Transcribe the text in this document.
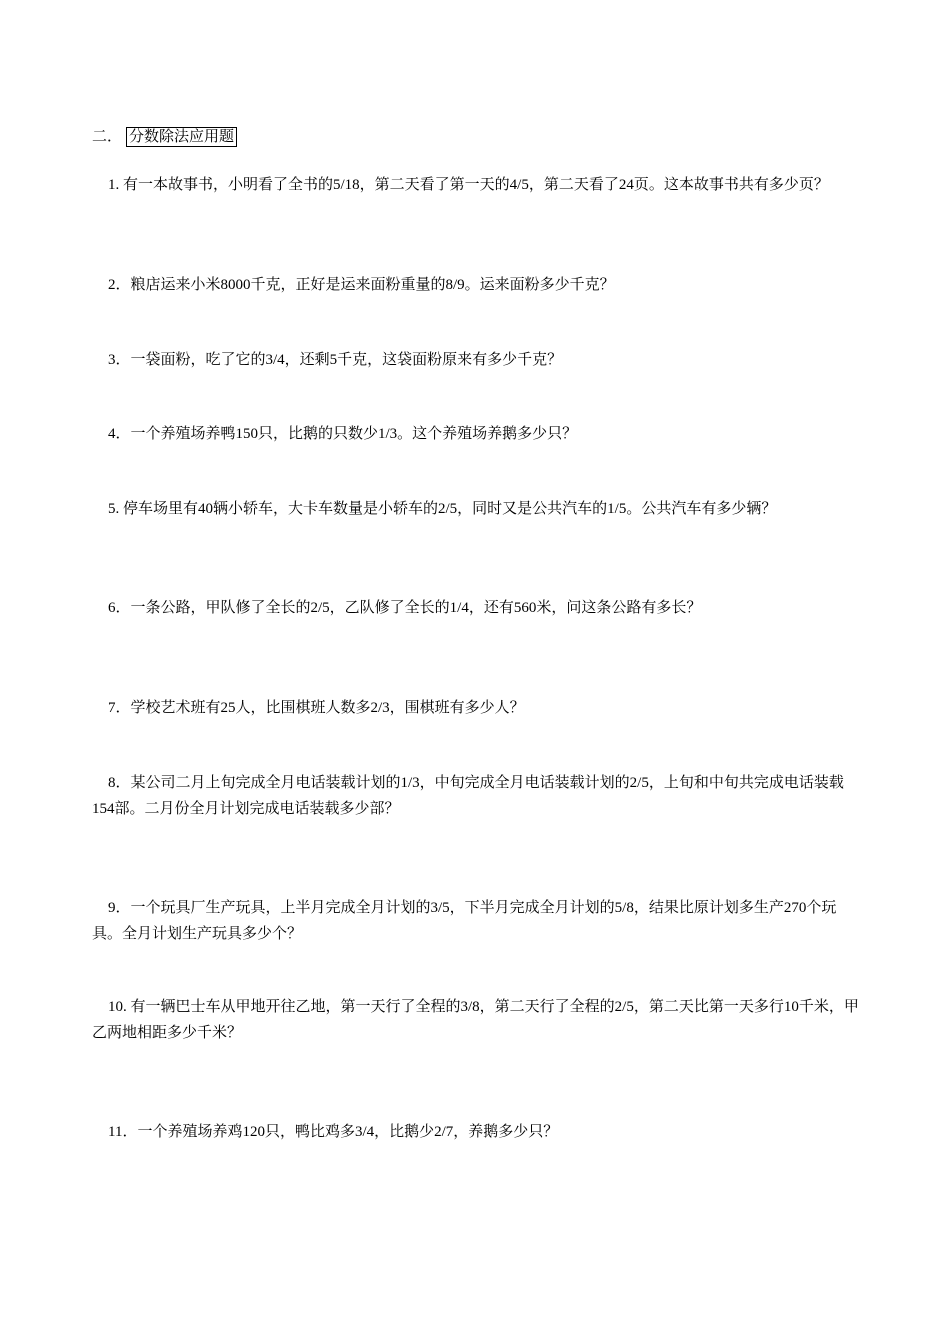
二． 分数除法应用题

1. 有一本故事书，小明看了全书的5/18，第二天看了第一天的4/5，第二天看了24页。这本故事书共有多少页？

2．粮店运来小米8000千克，正好是运来面粉重量的8/9。运来面粉多少千克？

3．一袋面粉，吃了它的3/4，还剩5千克，这袋面粉原来有多少千克？

4．一个养殖场养鸭150只，比鹅的只数少1/3。这个养殖场养鹅多少只？

5. 停车场里有40辆小轿车，大卡车数量是小轿车的2/5，同时又是公共汽车的1/5。公共汽车有多少辆？

6．一条公路，甲队修了全长的2/5，乙队修了全长的1/4，还有560米，问这条公路有多长？

7．学校艺术班有25人，比围棋班人数多2/3，围棋班有多少人？

8．某公司二月上旬完成全月电话装载计划的1/3，中旬完成全月电话装载计划的2/5，上旬和中旬共完成电话装载154部。二月份全月计划完成电话装载多少部？

9．一个玩具厂生产玩具，上半月完成全月计划的3/5，下半月完成全月计划的5/8，结果比原计划多生产270个玩具。全月计划生产玩具多少个？

10. 有一辆巴士车从甲地开往乙地，第一天行了全程的3/8，第二天行了全程的2/5，第二天比第一天多行10千米，甲乙两地相距多少千米？

11．一个养殖场养鸡120只，鸭比鸡多3/4，比鹅少2/7，养鹅多少只？
